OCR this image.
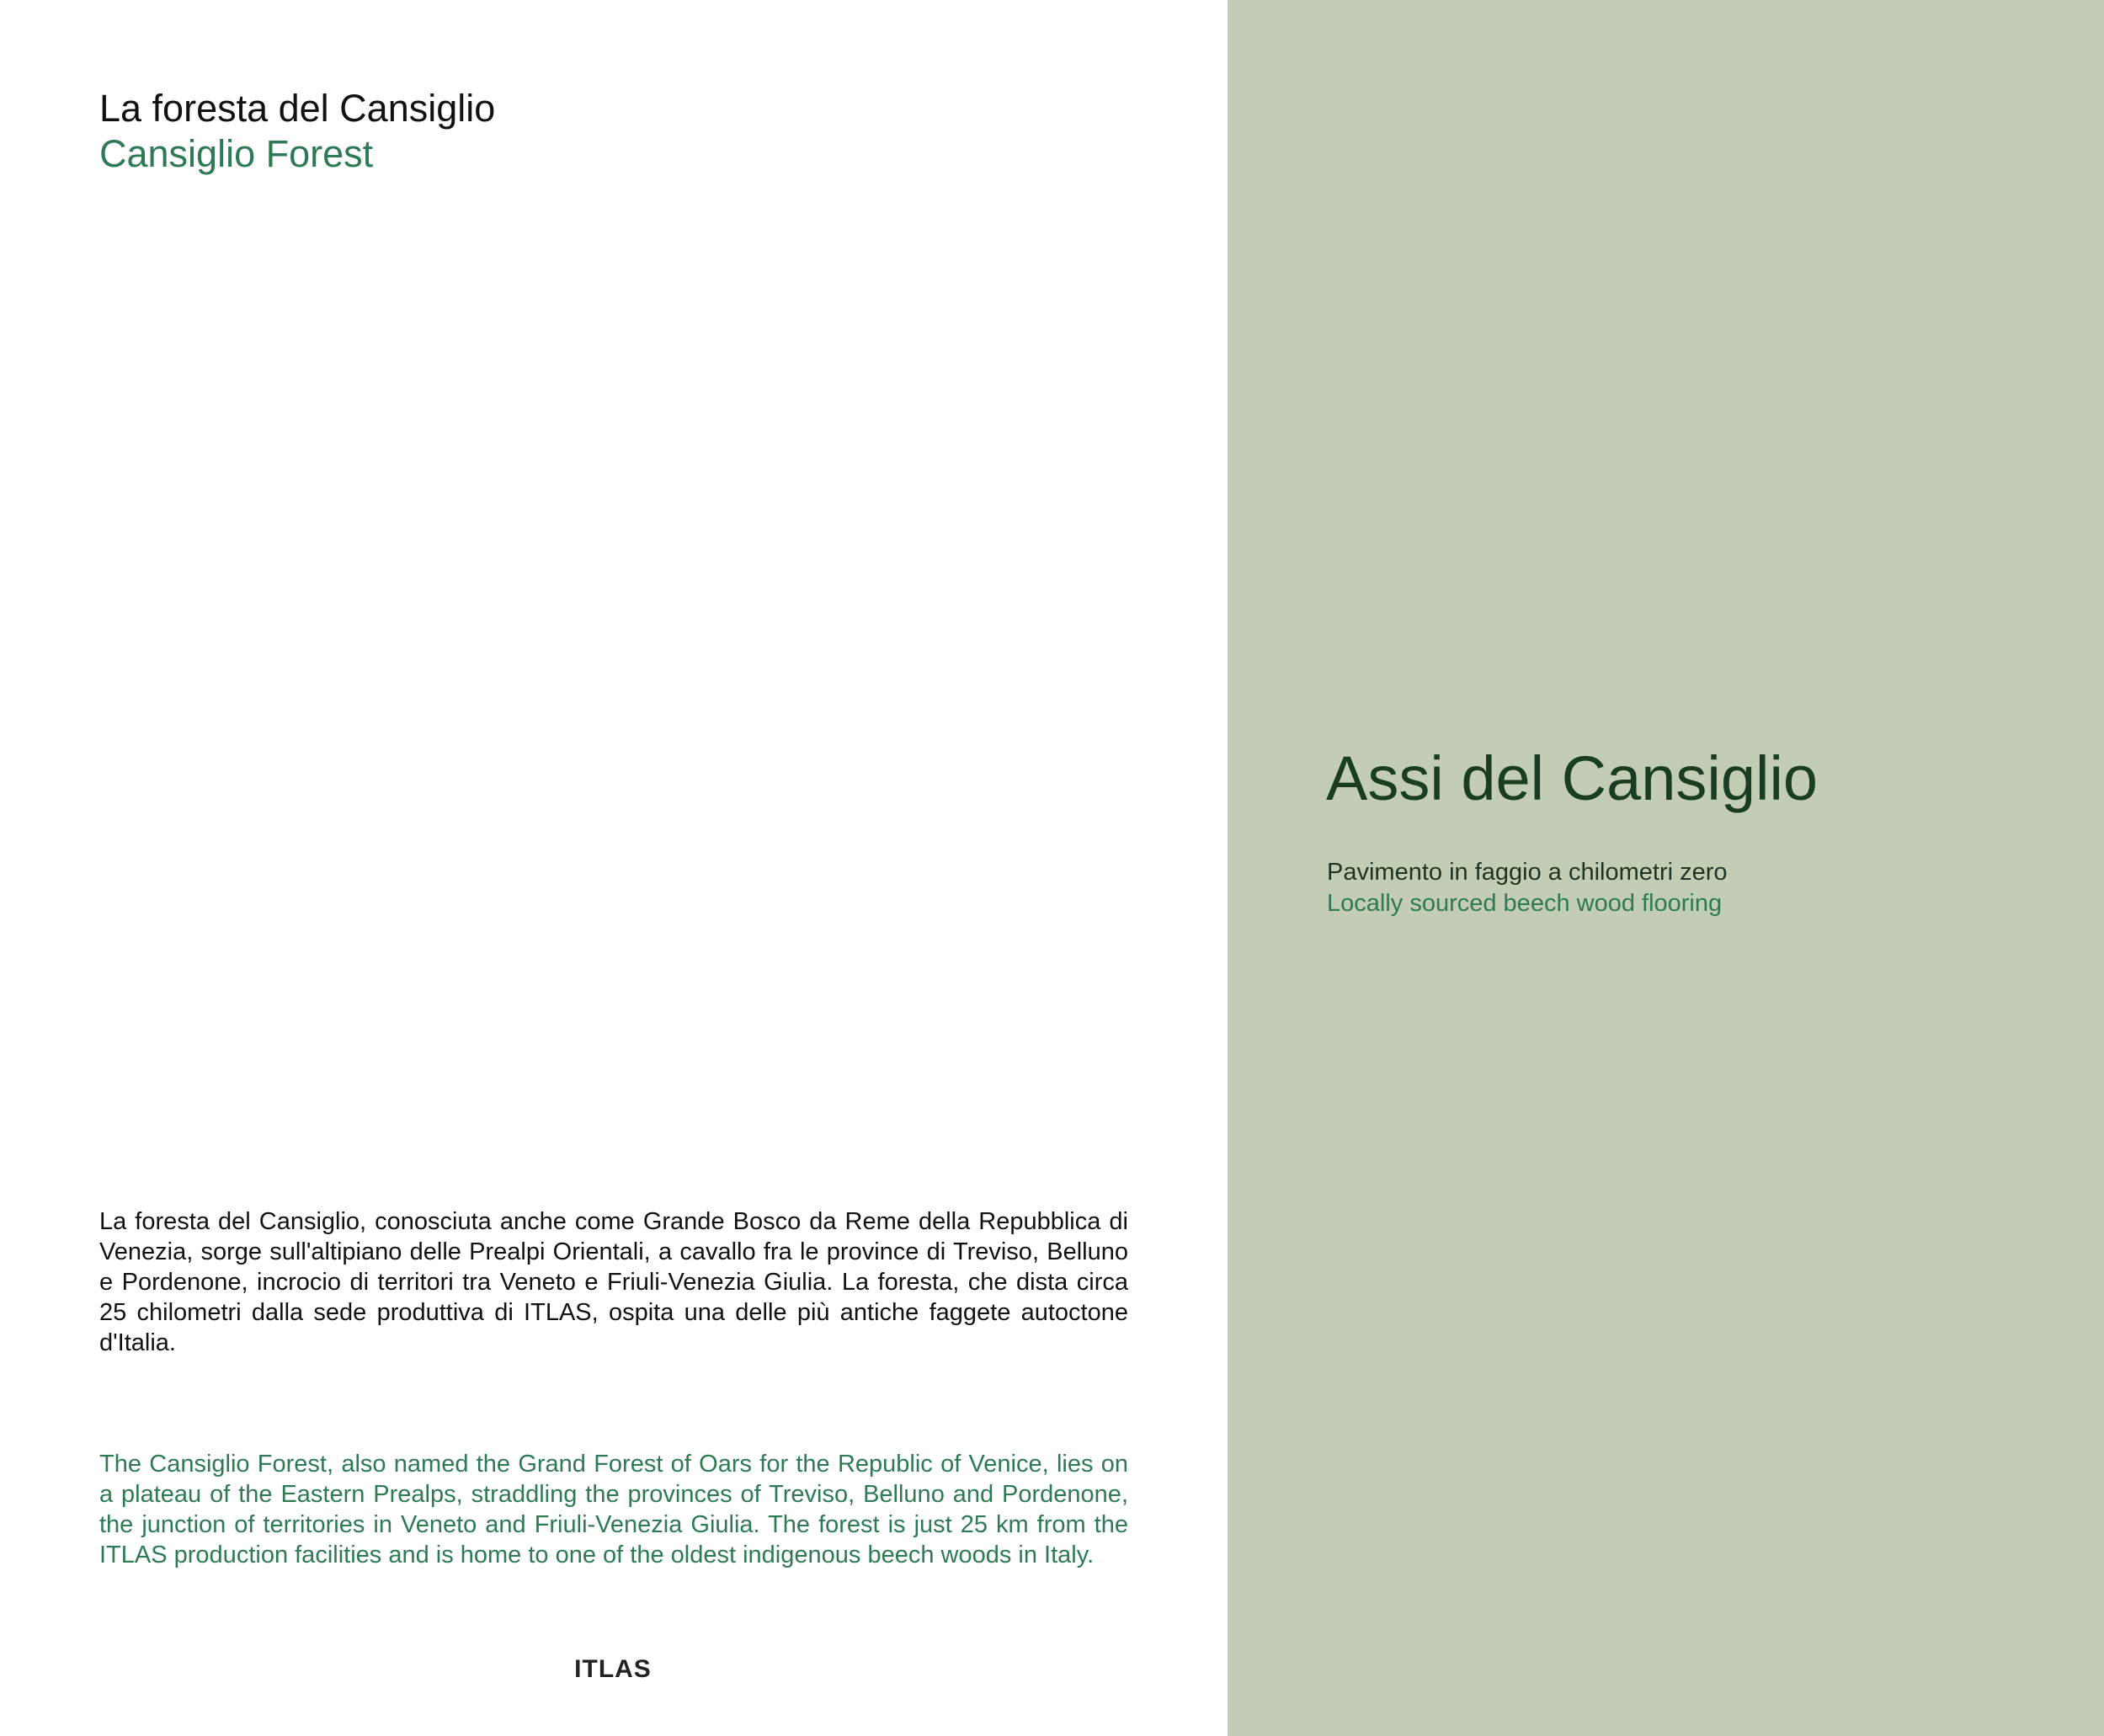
La foresta del Cansiglio
Cansiglio Forest

La foresta del Cansiglio, conosciuta anche come Grande Bosco da Reme della Repubblica di Venezia, sorge sull'altipiano delle Prealpi Orientali, a cavallo fra le province di Treviso, Belluno e Pordenone, incrocio di territori tra Veneto e Friuli-Venezia Giulia. La foresta, che dista circa 25 chilometri dalla sede produttiva di ITLAS, ospita una delle più antiche faggete autoctone d'Italia.

The Cansiglio Forest, also named the Grand Forest of Oars for the Republic of Venice, lies on a plateau of the Eastern Prealps, straddling the provinces of Treviso, Belluno and Pordenone, the junction of territories in Veneto and Friuli-Venezia Giulia. The forest is just 25 km from the ITLAS production facilities and is home to one of the oldest indigenous beech woods in Italy.

ITLAS
Assi del Cansiglio

Pavimento in faggio a chilometri zero

Locally sourced beech wood flooring
